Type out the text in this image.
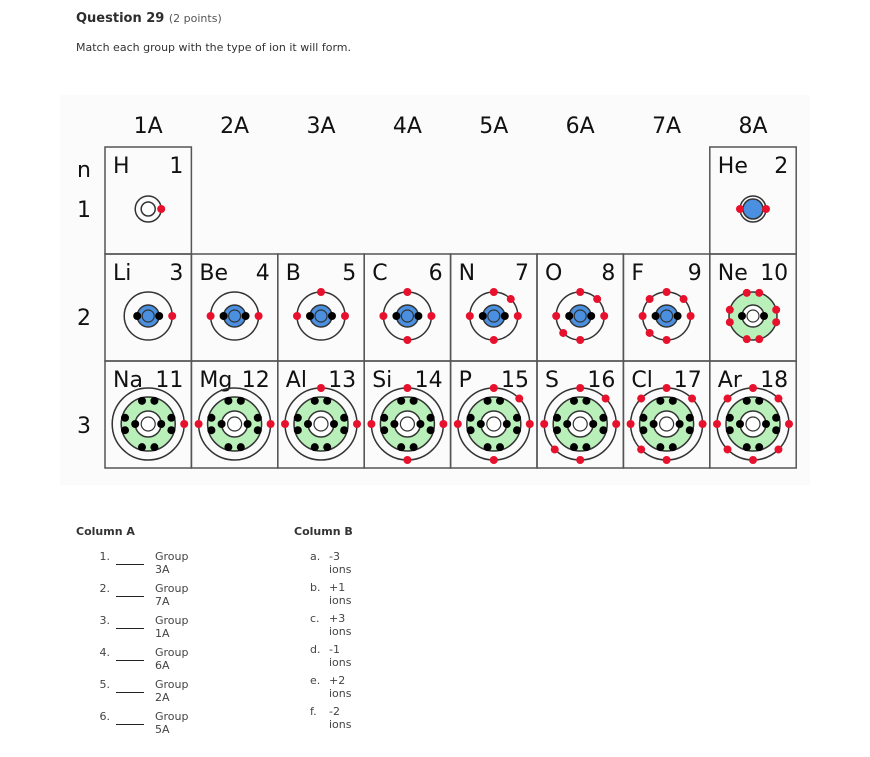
Question 29 (2 points)
Match each group with the type of ion it will form.
1A	2A	3A	4A	5A	6A	7A	8A
n
1
2
3
H 1	He 2
Li 3 Be 4 B 5 C 6 N 7 O 8 F 9 Ne 10
Na 11 Mg 12 Al 13 Si 14 P 15 S 16 Cl 17 Ar 18
Column A	Column B
1.	Group 3A
2.	Group 7A
3.	Group 1A
4.	Group 6A
5.	Group 2A
6.	Group 5A
a. -3 ions
b. +1 ions
c. +3 ions
d. -1 ions
e. +2 ions
f. -2 ions
